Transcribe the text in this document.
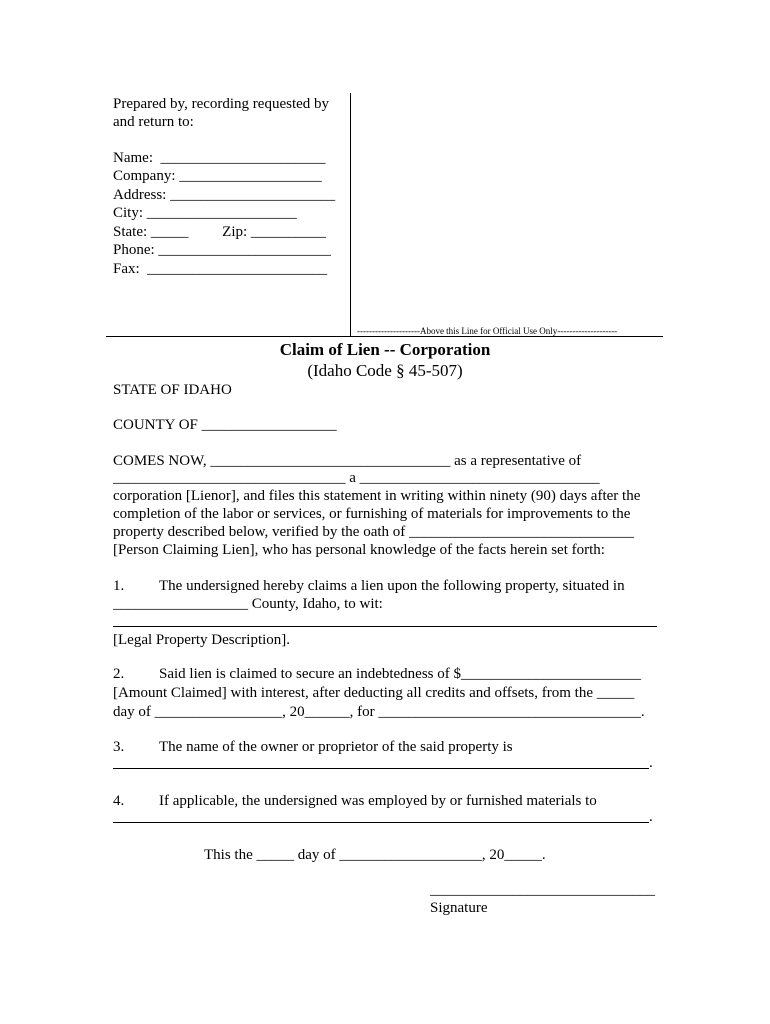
Prepared by, recording requested by
and return to:
Name:  ______________________
Company: ___________________
Address: ______________________
City: ____________________
State: _____         Zip: __________
Phone: _______________________
Fax:  ________________________
---------------------Above this Line for Official Use Only--------------------
Claim of Lien -- Corporation
(Idaho Code § 45-507)
STATE OF IDAHO
COUNTY OF __________________
COMES NOW, ________________________________ as a representative of
_______________________________ a ________________________________
corporation [Lienor], and files this statement in writing within ninety (90) days after the
completion of the labor or services, or furnishing of materials for improvements to the
property described below, verified by the oath of ______________________________
[Person Claiming Lien], who has personal knowledge of the facts herein set forth:
1. The undersigned hereby claims a lien upon the following property, situated in
__________________ County, Idaho, to wit:
[Legal Property Description].
2. Said lien is claimed to secure an indebtedness of $________________________
[Amount Claimed] with interest, after deducting all credits and offsets, from the _____
day of _________________, 20______, for ___________________________________.
3. The name of the owner or proprietor of the said property is
.
4. If applicable, the undersigned was employed by or furnished materials to
.
This the _____ day of ___________________, 20_____.
______________________________
Signature
